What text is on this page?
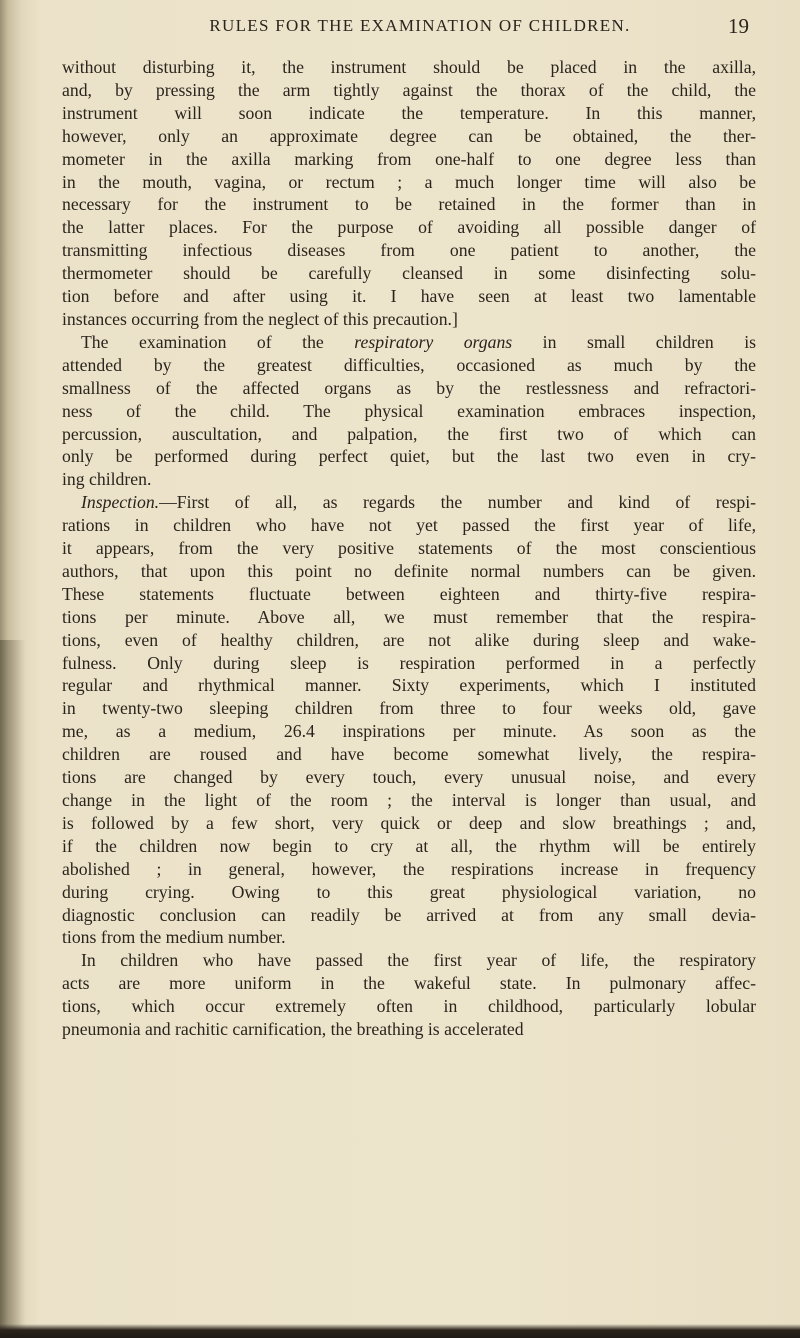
RULES FOR THE EXAMINATION OF CHILDREN.	19

without disturbing it, the instrument should be placed in the axilla,
and, by pressing the arm tightly against the thorax of the child, the
instrument will soon indicate the temperature. In this manner,
however, only an approximate degree can be obtained, the ther-
mometer in the axilla marking from one-half to one degree less than
in the mouth, vagina, or rectum ; a much longer time will also be
necessary for the instrument to be retained in the former than in
the latter places. For the purpose of avoiding all possible danger of
transmitting infectious diseases from one patient to another, the
thermometer should be carefully cleansed in some disinfecting solu-
tion before and after using it. I have seen at least two lamentable
instances occurring from the neglect of this precaution.]

The examination of the respiratory organs in small children is
attended by the greatest difficulties, occasioned as much by the
smallness of the affected organs as by the restlessness and refractori-
ness of the child. The physical examination embraces inspection,
percussion, auscultation, and palpation, the first two of which can
only be performed during perfect quiet, but the last two even in cry-
ing children.

Inspection.—First of all, as regards the number and kind of respi-
rations in children who have not yet passed the first year of life,
it appears, from the very positive statements of the most conscientious
authors, that upon this point no definite normal numbers can be given.
These statements fluctuate between eighteen and thirty-five respira-
tions per minute. Above all, we must remember that the respira-
tions, even of healthy children, are not alike during sleep and wake-
fulness. Only during sleep is respiration performed in a perfectly
regular and rhythmical manner. Sixty experiments, which I instituted
in twenty-two sleeping children from three to four weeks old, gave
me, as a medium, 26.4 inspirations per minute. As soon as the
children are roused and have become somewhat lively, the respira-
tions are changed by every touch, every unusual noise, and every
change in the light of the room ; the interval is longer than usual, and
is followed by a few short, very quick or deep and slow breathings ; and,
if the children now begin to cry at all, the rhythm will be entirely
abolished ; in general, however, the respirations increase in frequency
during crying. Owing to this great physiological variation, no
diagnostic conclusion can readily be arrived at from any small devia-
tions from the medium number.

In children who have passed the first year of life, the respiratory
acts are more uniform in the wakeful state. In pulmonary affec-
tions, which occur extremely often in childhood, particularly lobular
pneumonia and rachitic carnification, the breathing is accelerated
